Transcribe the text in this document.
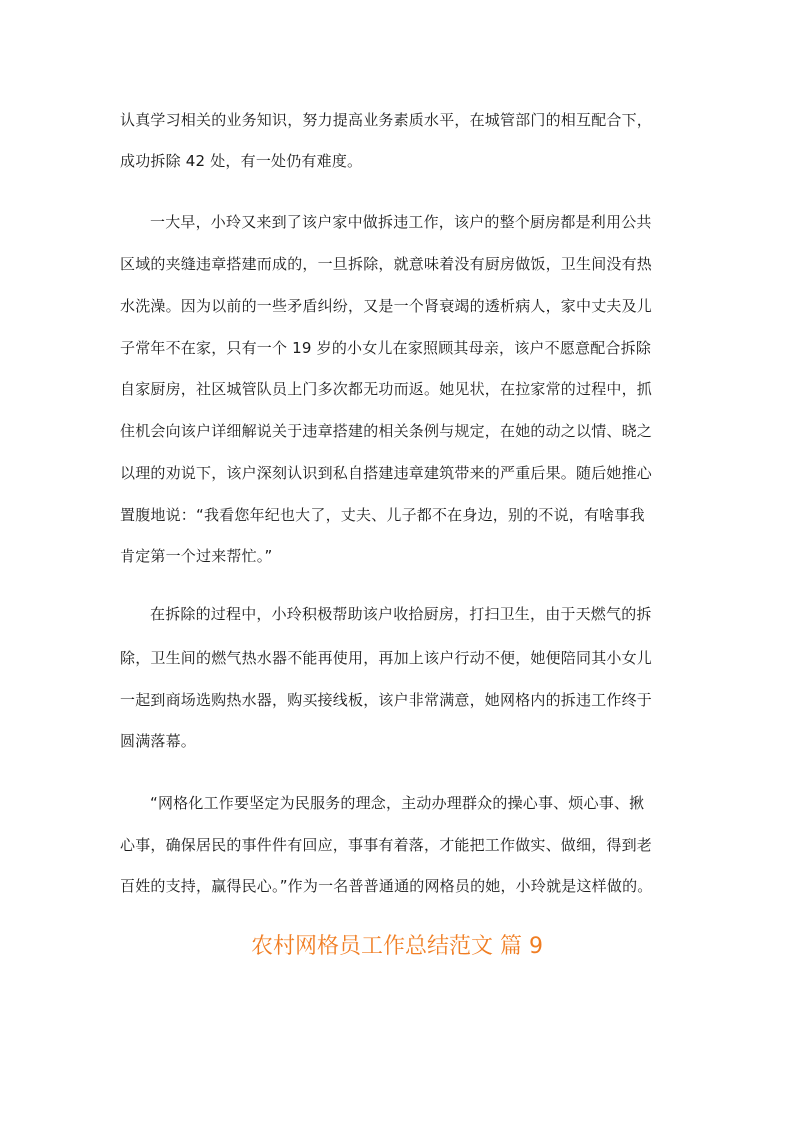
认真学习相关的业务知识，努力提高业务素质水平，在城管部门的相互配合下，
成功拆除 42 处，有一处仍有难度。
一大早，小玲又来到了该户家中做拆违工作，该户的整个厨房都是利用公共
区域的夹缝违章搭建而成的，一旦拆除，就意味着没有厨房做饭，卫生间没有热
水洗澡。因为以前的一些矛盾纠纷，又是一个肾衰竭的透析病人，家中丈夫及儿
子常年不在家，只有一个 19 岁的小女儿在家照顾其母亲，该户不愿意配合拆除
自家厨房，社区城管队员上门多次都无功而返。她见状，在拉家常的过程中，抓
住机会向该户详细解说关于违章搭建的相关条例与规定，在她的动之以情、晓之
以理的劝说下，该户深刻认识到私自搭建违章建筑带来的严重后果。随后她推心
置腹地说：“我看您年纪也大了，丈夫、儿子都不在身边，别的不说，有啥事我
肯定第一个过来帮忙。”
在拆除的过程中，小玲积极帮助该户收拾厨房，打扫卫生，由于天燃气的拆
除，卫生间的燃气热水器不能再使用，再加上该户行动不便，她便陪同其小女儿
一起到商场选购热水器，购买接线板，该户非常满意，她网格内的拆违工作终于
圆满落幕。
“网格化工作要坚定为民服务的理念，主动办理群众的操心事、烦心事、揪
心事，确保居民的事件件有回应，事事有着落，才能把工作做实、做细，得到老
百姓的支持，赢得民心。”作为一名普普通通的网格员的她，小玲就是这样做的。
农村网格员工作总结范文 篇 9
